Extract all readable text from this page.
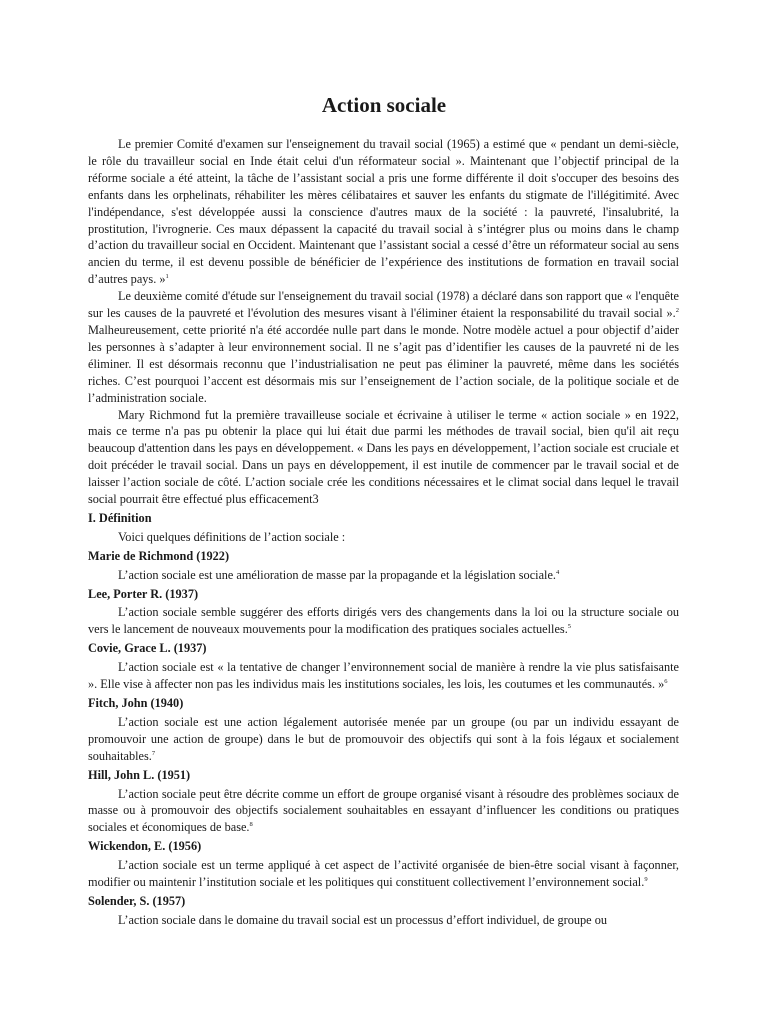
Action sociale

Le premier Comité d'examen sur l'enseignement du travail social (1965) a estimé que « pendant un demi-siècle, le rôle du travailleur social en Inde était celui d'un réformateur social ». Maintenant que l’objectif principal de la réforme sociale a été atteint, la tâche de l’assistant social a pris une forme différente il doit s'occuper des besoins des enfants dans les orphelinats, réhabiliter les mères célibataires et sauver les enfants du stigmate de l'illégitimité. Avec l'indépendance, s'est développée aussi la conscience d'autres maux de la société : la pauvreté, l'insalubrité, la prostitution, l'ivrognerie. Ces maux dépassent la capacité du travail social à s’intégrer plus ou moins dans le champ d’action du travailleur social en Occident. Maintenant que l’assistant social a cessé d’être un réformateur social au sens ancien du terme, il est devenu possible de bénéficier de l’expérience des institutions de formation en travail social d’autres pays. »$^1$

Le deuxième comité d'étude sur l'enseignement du travail social (1978) a déclaré dans son rapport que « l'enquête sur les causes de la pauvreté et l'évolution des mesures visant à l'éliminer étaient la responsabilité du travail social ».$^2$ Malheureusement, cette priorité n'a été accordée nulle part dans le monde. Notre modèle actuel a pour objectif d’aider les personnes à s’adapter à leur environnement social. Il ne s’agit pas d’identifier les causes de la pauvreté ni de les éliminer. Il est désormais reconnu que l’industrialisation ne peut pas éliminer la pauvreté, même dans les sociétés riches. C’est pourquoi l’accent est désormais mis sur l’enseignement de l’action sociale, de la politique sociale et de l’administration sociale.

Mary Richmond fut la première travailleuse sociale et écrivaine à utiliser le terme « action sociale » en 1922, mais ce terme n'a pas pu obtenir la place qui lui était due parmi les méthodes de travail social, bien qu'il ait reçu beaucoup d'attention dans les pays en développement. « Dans les pays en développement, l’action sociale est cruciale et doit précéder le travail social. Dans un pays en développement, il est inutile de commencer par le travail social et de laisser l’action sociale de côté. L’action sociale crée les conditions nécessaires et le climat social dans lequel le travail social pourrait être effectué plus efficacement3

I. Définition

Voici quelques définitions de l’action sociale :

Marie de Richmond (1922)

L’action sociale est une amélioration de masse par la propagande et la législation sociale.$^4$

Lee, Porter R. (1937)

L’action sociale semble suggérer des efforts dirigés vers des changements dans la loi ou la structure sociale ou vers le lancement de nouveaux mouvements pour la modification des pratiques sociales actuelles.$^5$

Covie, Grace L. (1937)

L’action sociale est « la tentative de changer l’environnement social de manière à rendre la vie plus satisfaisante ». Elle vise à affecter non pas les individus mais les institutions sociales, les lois, les coutumes et les communautés. »$^6$

Fitch, John (1940)

L’action sociale est une action légalement autorisée menée par un groupe (ou par un individu essayant de promouvoir une action de groupe) dans le but de promouvoir des objectifs qui sont à la fois légaux et socialement souhaitables.$^7$

Hill, John L. (1951)

L’action sociale peut être décrite comme un effort de groupe organisé visant à résoudre des problèmes sociaux de masse ou à promouvoir des objectifs socialement souhaitables en essayant d’influencer les conditions ou pratiques sociales et économiques de base.$^8$

Wickendon, E. (1956)

L’action sociale est un terme appliqué à cet aspect de l’activité organisée de bien-être social visant à façonner, modifier ou maintenir l’institution sociale et les politiques qui constituent collectivement l’environnement social.$^9$

Solender, S. (1957)

L’action sociale dans le domaine du travail social est un processus d’effort individuel, de groupe ou
